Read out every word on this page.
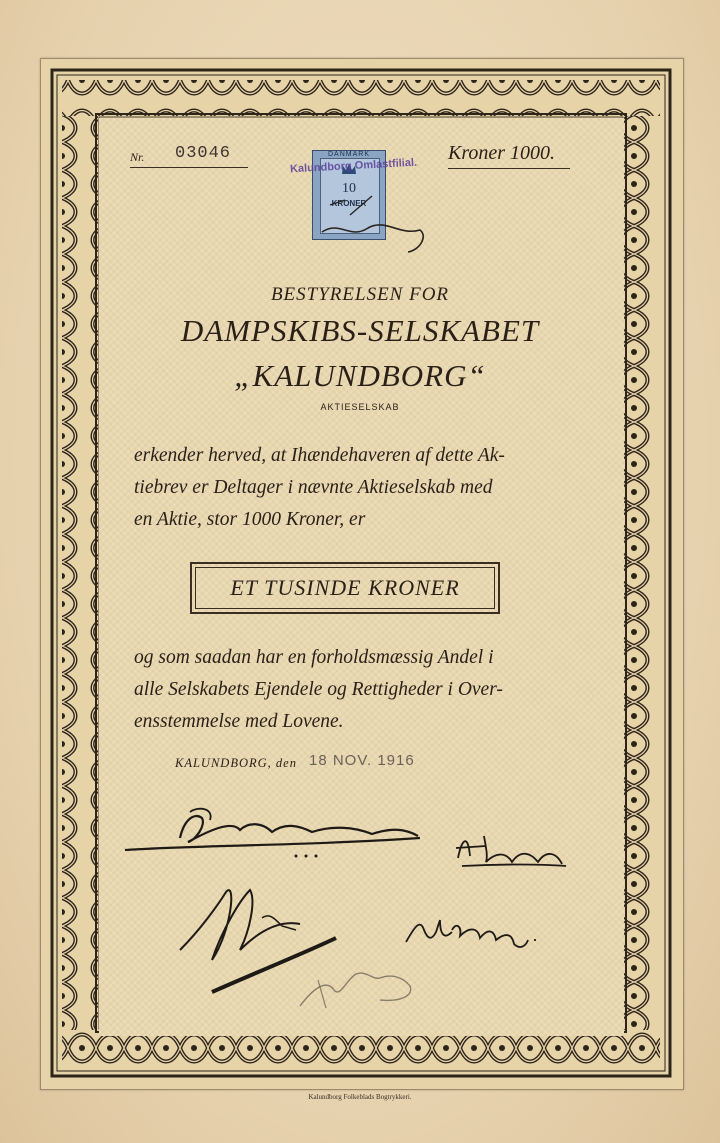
Nr. 03046	DANMARK
10
KRONER
Kalundborg Omlastfilial.
Kroner 1000.
BESTYRELSEN FOR
DAMPSKIBS-SELSKABET
„KALUNDBORG“
AKTIESELSKAB
erkender herved, at Ihændehaveren af dette Ak-
tiebrev er Deltager i nævnte Aktieselskab med
en Aktie, stor 1000 Kroner, er
ET TUSINDE KRONER
og som saadan har en forholdsmæssig Andel i
alle Selskabets Ejendele og Rettigheder i Over-
ensstemmelse med Lovene.
KALUNDBORG, den 18 NOV. 1916
Kalundborg Folkeblads Bogtrykkeri.
